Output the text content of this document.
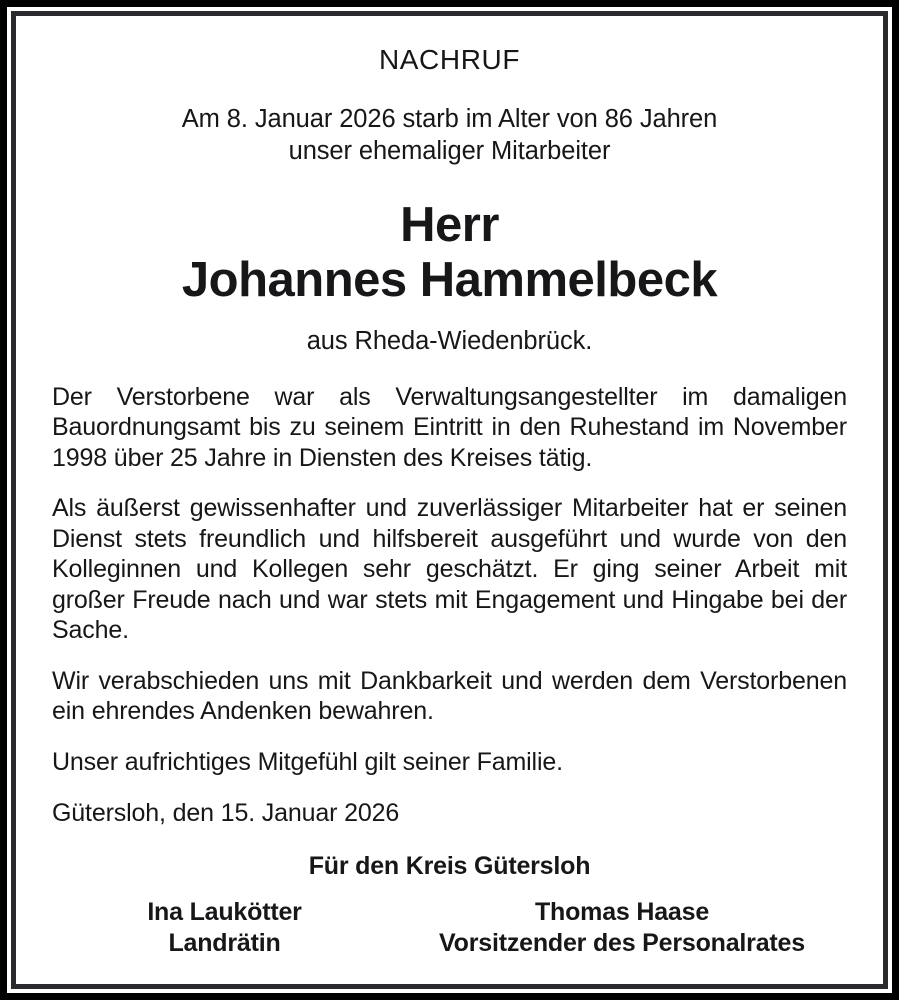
NACHRUF
Am 8. Januar 2026 starb im Alter von 86 Jahren
unser ehemaliger Mitarbeiter
Herr
Johannes Hammelbeck
aus Rheda-Wiedenbrück.

Der Verstorbene war als Verwaltungsangestellter im damaligen Bauordnungsamt bis zu seinem Eintritt in den Ruhestand im November 1998 über 25 Jahre in Diensten des Kreises tätig.

Als äußerst gewissenhafter und zuverlässiger Mitarbeiter hat er seinen Dienst stets freundlich und hilfsbereit ausgeführt und wurde von den Kolleginnen und Kollegen sehr geschätzt. Er ging seiner Arbeit mit großer Freude nach und war stets mit Engagement und Hingabe bei der Sache.

Wir verabschieden uns mit Dankbarkeit und werden dem Verstorbenen ein ehrendes Andenken bewahren.

Unser aufrichtiges Mitgefühl gilt seiner Familie.

Gütersloh, den 15. Januar 2026
Für den Kreis Gütersloh
Ina Laukötter
Landrätin
Thomas Haase
Vorsitzender des Personalrates
